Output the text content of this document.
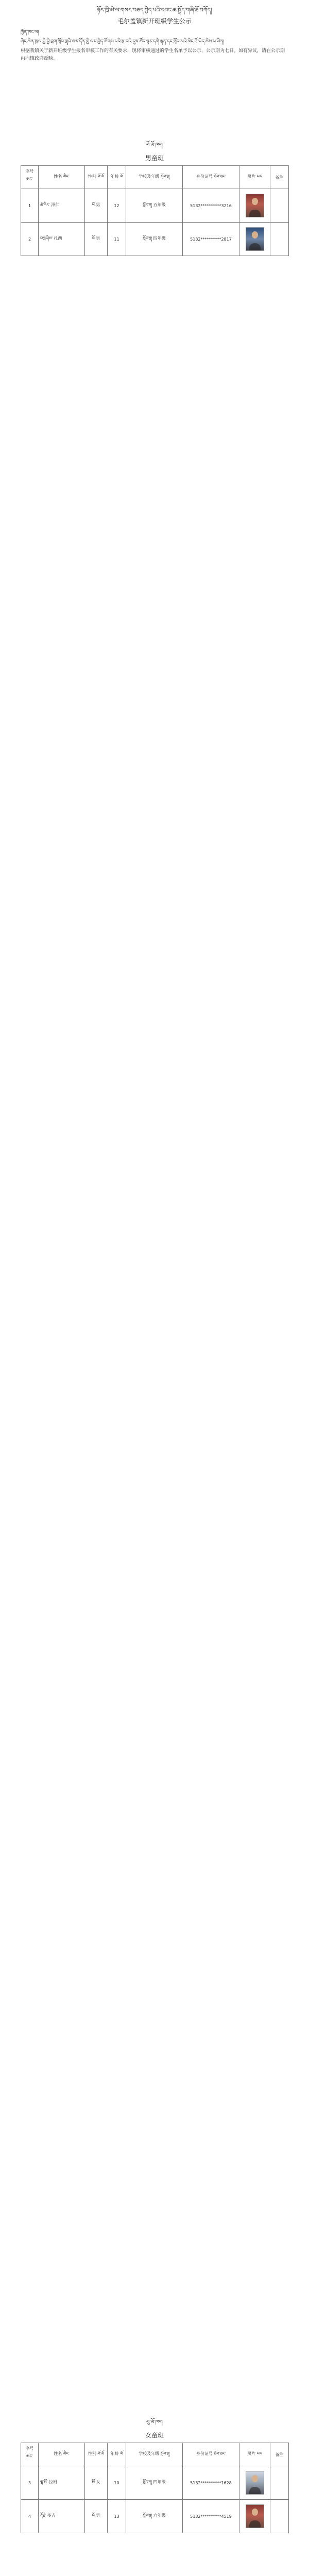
ཧོར་ཁྲི་མེ་ལ་གསར་བཅད་བྱེད་པའི་དབང་ཆ་སྤྲོད་གཞི་ཐོ་བཀོད།
毛尔盖镇新开班级学生公示

ཁྱོན་ཁང་ལ།

ཞིང་ཆེན་ཁུལ་གྱི་བྱེ་བྲག་སློབ་གྲྭའི་ལས་དོན་གྱི་ལས་བྱེད་ཚོགས་པའི་རྩ་བའི་དུས་ཚོད་ལྟར་དགེ་རྒན་དང་སློབ་མའི་མིང་ཐོ་ཡིད་ཆེས་པ་ཡིན།

根据我镇关于新开班级学生报名审核工作的有关要求，现将审核通过的学生名单予以公示，公示期为七日。如有异议，请在公示期内向镇政府反映。

ཕོ་མོ་ཁག
男童班
序号 ཨང་	姓名 མིང་	性别 ཕོ་མོ	年龄 ལོ	学校及年级 སློབ་གྲྭ	身份证号 ཐོབ་ཐང་	照片 པར	备注
1	ཚེ་རིང་ 泽仁	ཕོ 男	12	སློབ་གྲྭ 五年级	5132**********3216	

2	བཀྲ་ཤིས་ 扎西	ཕོ 男	11	སློབ་གྲྭ 四年级	5132**********2817	

བུ་མོ་ཁག
女童班
序号 ཨང་	姓名 མིང་	性别 ཕོ་མོ	年龄 ལོ	学校及年级 སློབ་གྲྭ	身份证号 ཐོབ་ཐང་	照片 པར	备注
3	ལྷ་མོ་ 拉姆	མོ 女	10	སློབ་གྲྭ 四年级	5132**********1628	

4	རྡོ་རྗེ་ 多吉	ཕོ 男	13	སློབ་གྲྭ 六年级	5132**********4519	
